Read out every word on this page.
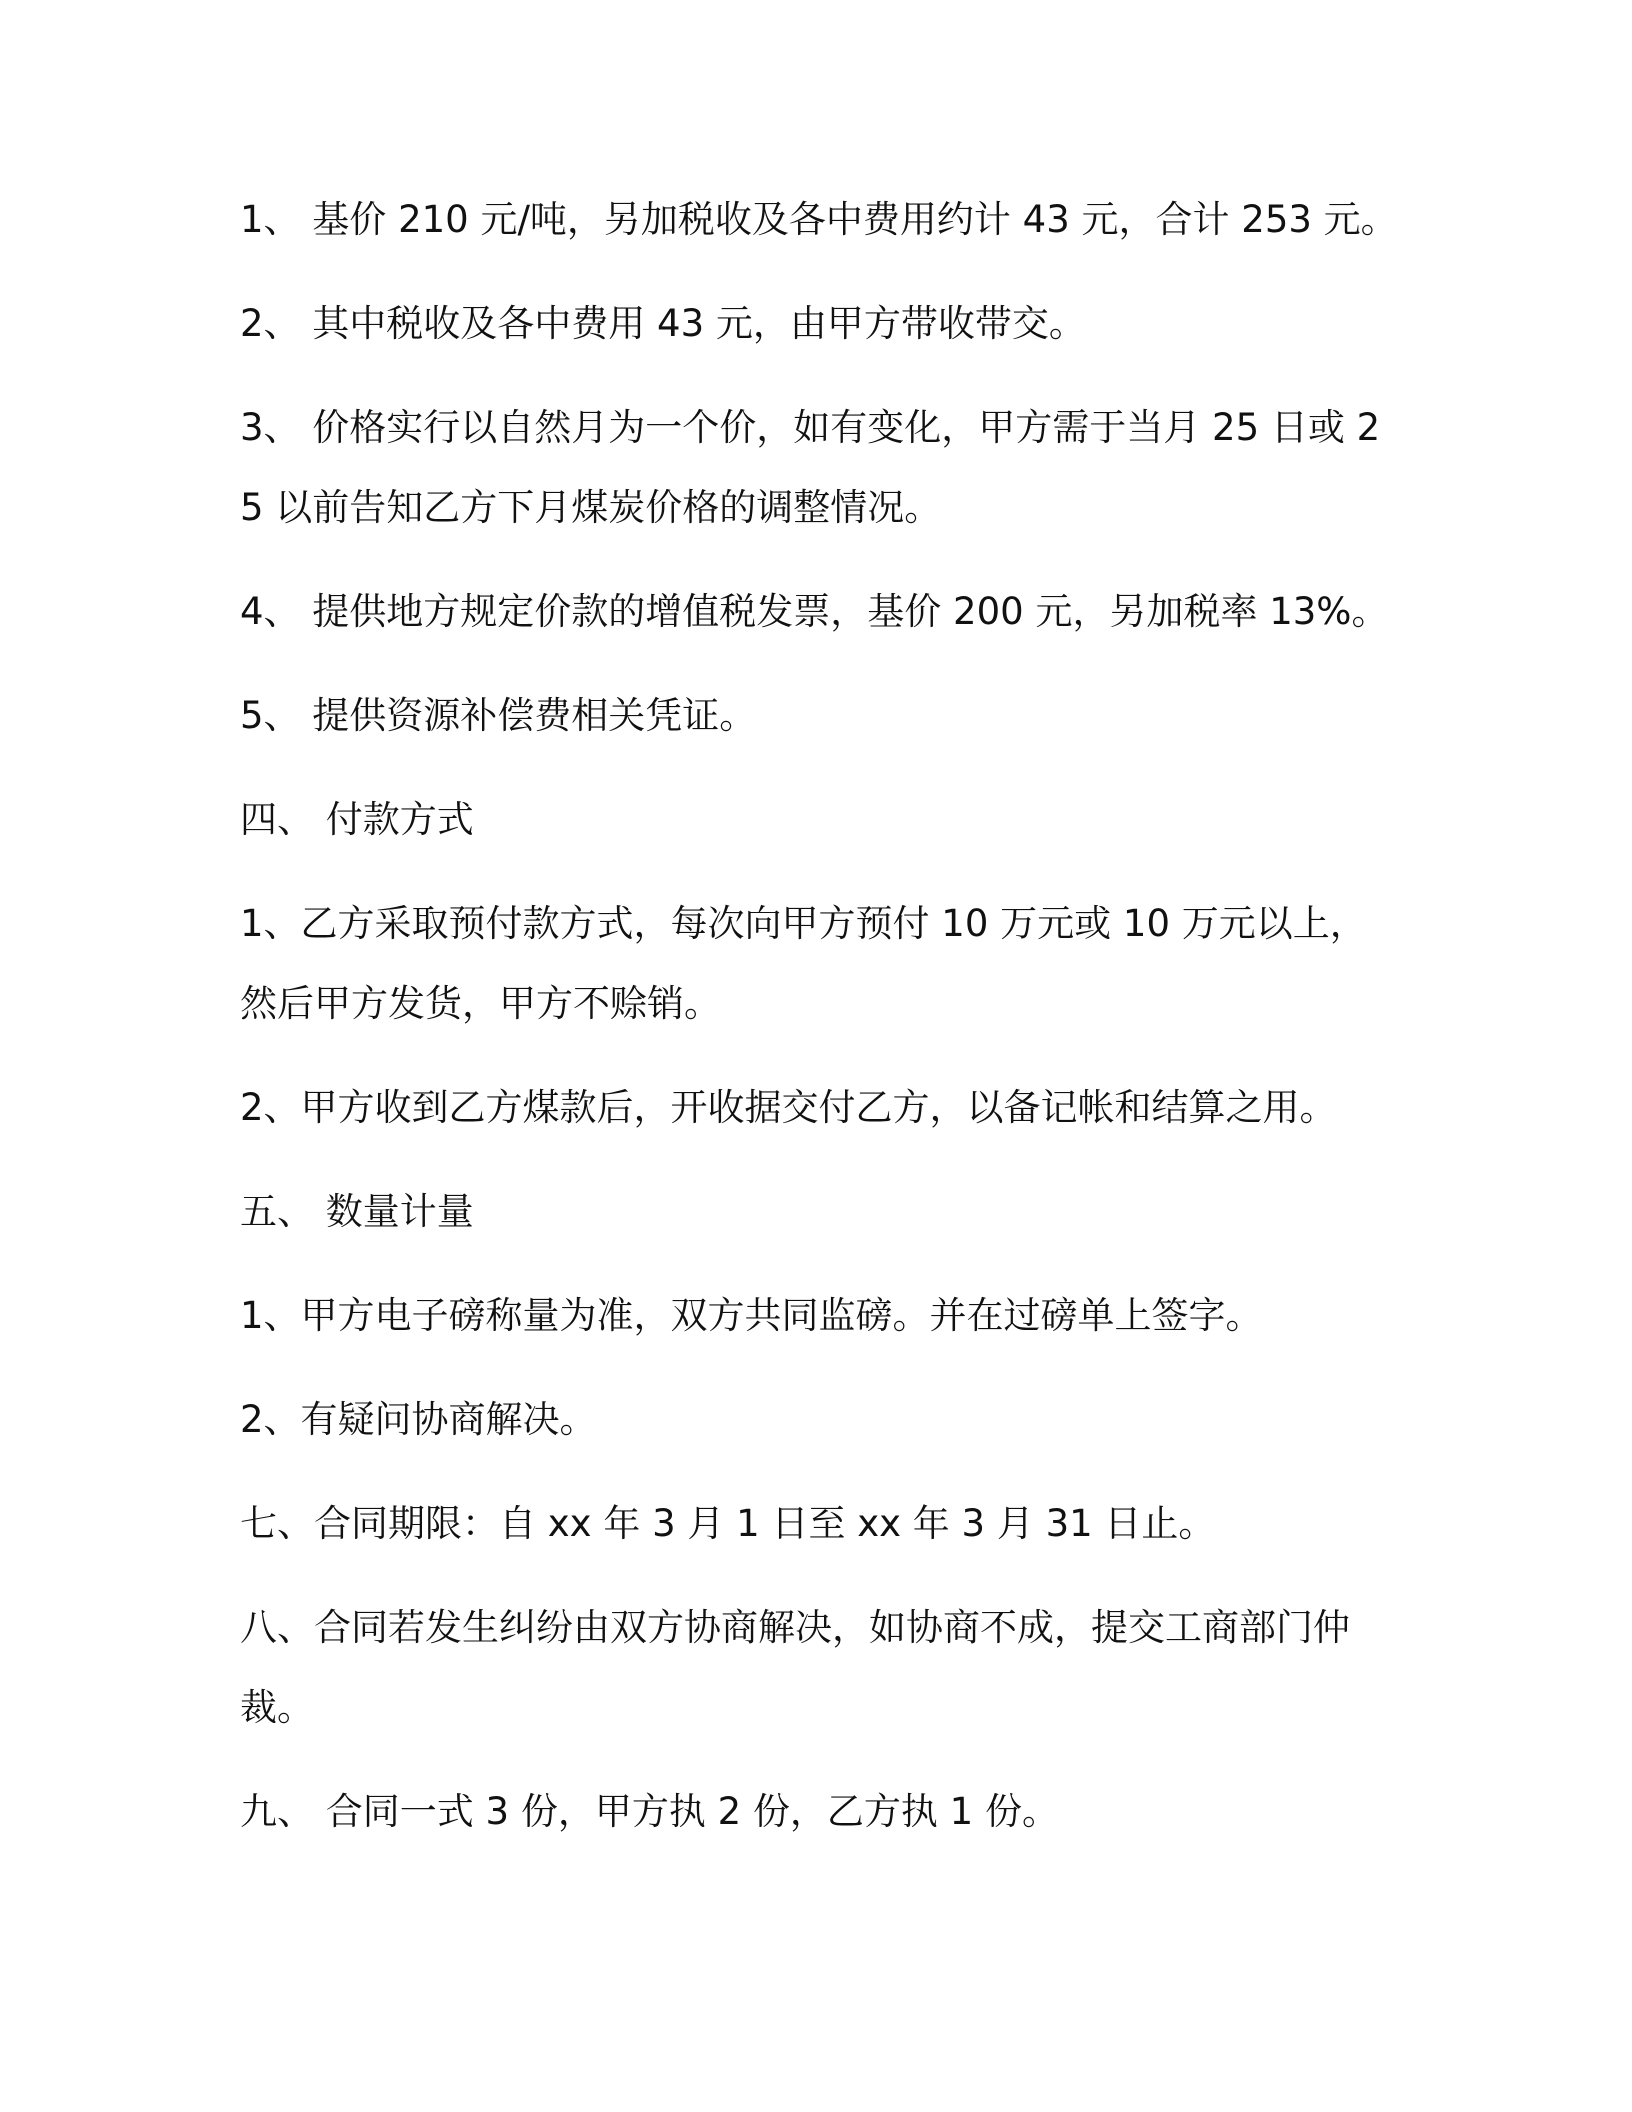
1、 基价 210 元/吨，另加税收及各中费用约计 43 元，合计 253 元。

2、 其中税收及各中费用 43 元，由甲方带收带交。

3、 价格实行以自然月为一个价，如有变化，甲方需于当月 25 日或 25 以前告知乙方下月煤炭价格的调整情况。

4、 提供地方规定价款的增值税发票，基价 200 元，另加税率 13%。

5、 提供资源补偿费相关凭证。

四、 付款方式

1、乙方采取预付款方式，每次向甲方预付 10 万元或 10 万元以上，然后甲方发货，甲方不赊销。

2、甲方收到乙方煤款后，开收据交付乙方，以备记帐和结算之用。

五、 数量计量

1、甲方电子磅称量为准，双方共同监磅。并在过磅单上签字。

2、有疑问协商解决。

七、合同期限：自 xx 年 3 月 1 日至 xx 年 3 月 31 日止。

八、合同若发生纠纷由双方协商解决，如协商不成，提交工商部门仲裁。

九、 合同一式 3 份，甲方执 2 份，乙方执 1 份。
